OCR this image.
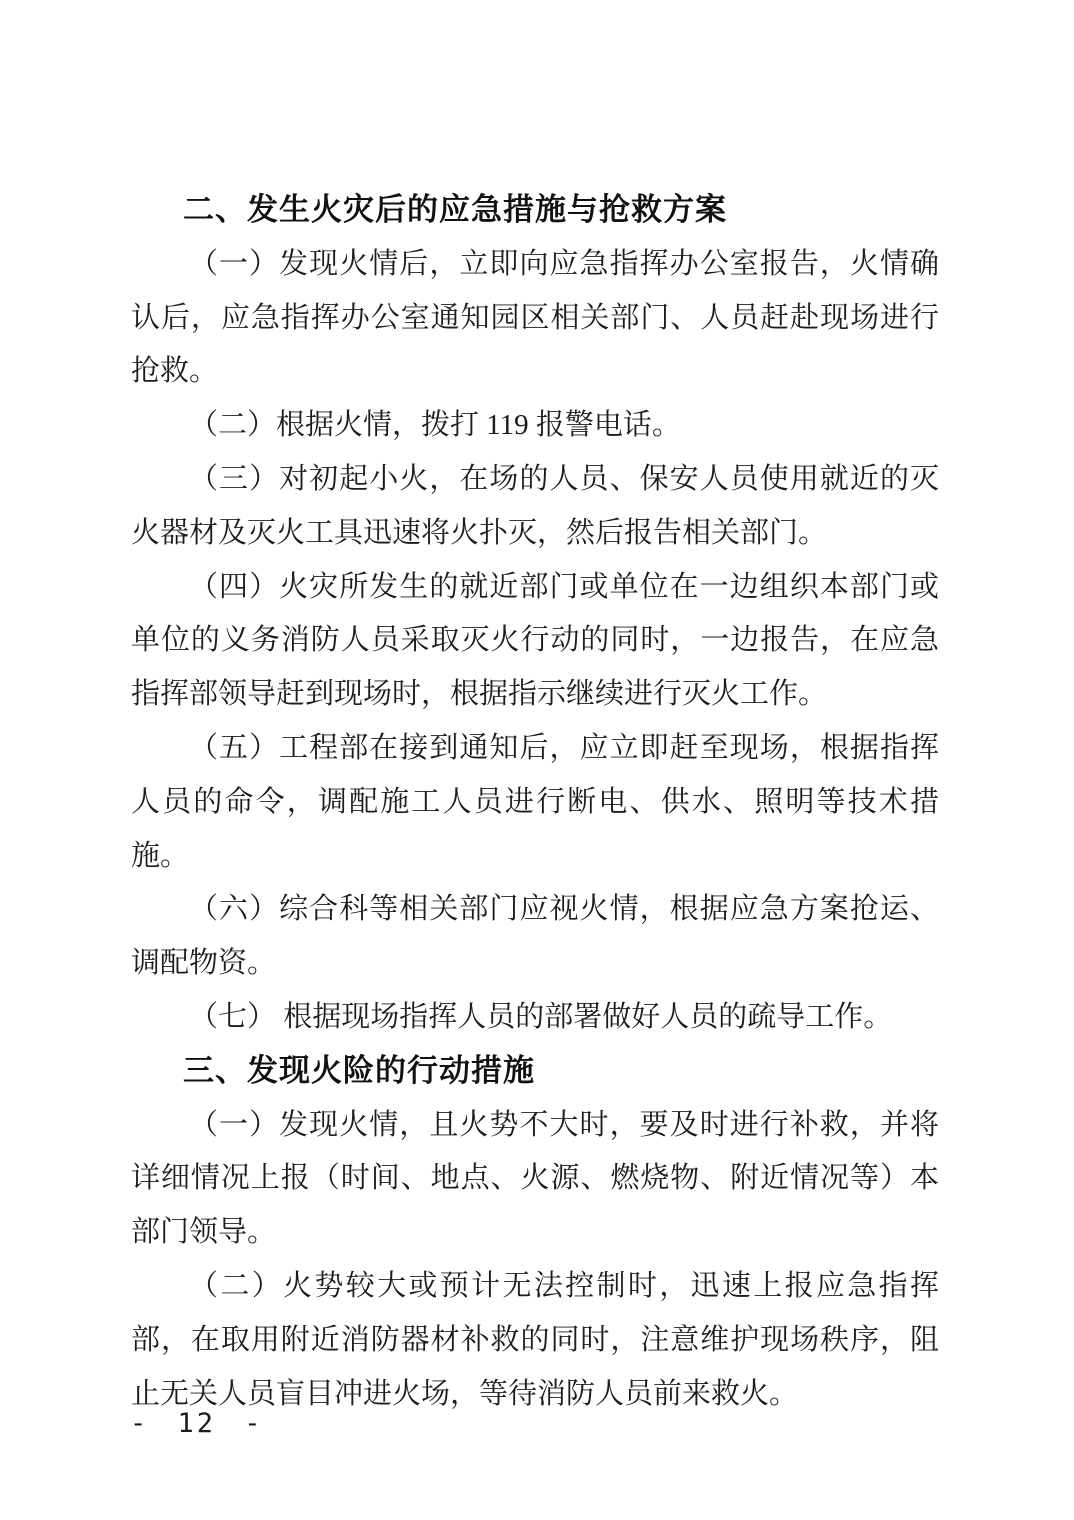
二、发生火灾后的应急措施与抢救方案

（一）发现火情后，立即向应急指挥办公室报告，火情确认后，应急指挥办公室通知园区相关部门、人员赶赴现场进行抢救。

（二）根据火情，拨打 119 报警电话。

（三）对初起小火，在场的人员、保安人员使用就近的灭火器材及灭火工具迅速将火扑灭，然后报告相关部门。

（四）火灾所发生的就近部门或单位在一边组织本部门或单位的义务消防人员采取灭火行动的同时，一边报告，在应急指挥部领导赶到现场时，根据指示继续进行灭火工作。

（五）工程部在接到通知后，应立即赶至现场，根据指挥人员的命令，调配施工人员进行断电、供水、照明等技术措施。

（六）综合科等相关部门应视火情，根据应急方案抢运、调配物资。

（七） 根据现场指挥人员的部署做好人员的疏导工作。

三、发现火险的行动措施

（一）发现火情，且火势不大时，要及时进行补救，并将详细情况上报（时间、地点、火源、燃烧物、附近情况等）本部门领导。

（二）火势较大或预计无法控制时，迅速上报应急指挥部，在取用附近消防器材补救的同时，注意维护现场秩序，阻止无关人员盲目冲进火场，等待消防人员前来救火。

- 12 -
